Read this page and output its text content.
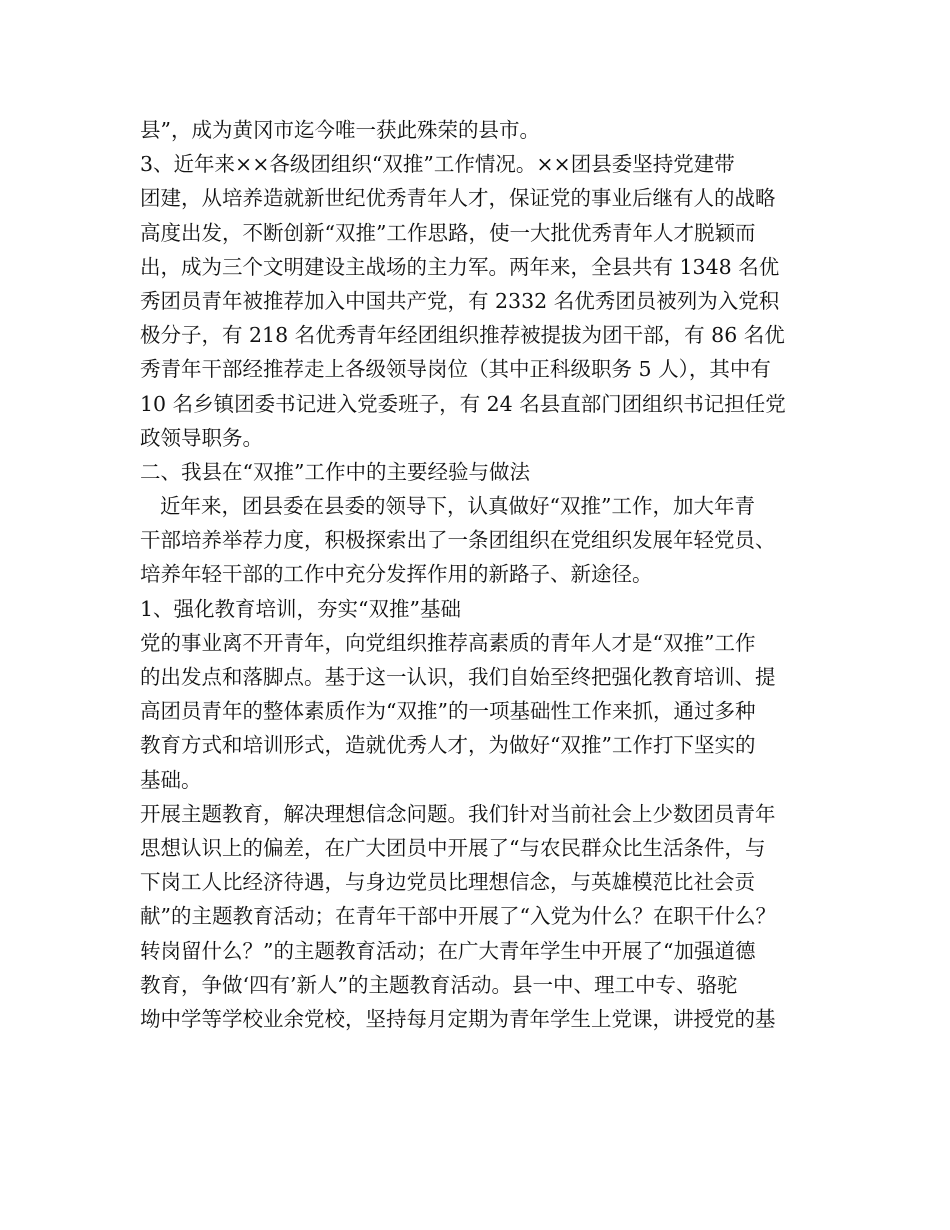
县”，成为黄冈市迄今唯一获此殊荣的县市。
3、近年来××各级团组织“双推”工作情况。××团县委坚持党建带
团建，从培养造就新世纪优秀青年人才，保证党的事业后继有人的战略
高度出发，不断创新“双推”工作思路，使一大批优秀青年人才脱颖而
出，成为三个文明建设主战场的主力军。两年来，全县共有 1348 名优
秀团员青年被推荐加入中国共产党，有 2332 名优秀团员被列为入党积
极分子，有 218 名优秀青年经团组织推荐被提拔为团干部，有 86 名优
秀青年干部经推荐走上各级领导岗位（其中正科级职务 5 人），其中有
10 名乡镇团委书记进入党委班子，有 24 名县直部门团组织书记担任党
政领导职务。
二、我县在“双推”工作中的主要经验与做法
近年来，团县委在县委的领导下，认真做好“双推”工作，加大年青
干部培养举荐力度，积极探索出了一条团组织在党组织发展年轻党员、
培养年轻干部的工作中充分发挥作用的新路子、新途径。
1、强化教育培训，夯实“双推”基础
党的事业离不开青年，向党组织推荐高素质的青年人才是“双推”工作
的出发点和落脚点。基于这一认识，我们自始至终把强化教育培训、提
高团员青年的整体素质作为“双推”的一项基础性工作来抓，通过多种
教育方式和培训形式，造就优秀人才，为做好“双推”工作打下坚实的
基础。
开展主题教育，解决理想信念问题。我们针对当前社会上少数团员青年
思想认识上的偏差，在广大团员中开展了“与农民群众比生活条件，与
下岗工人比经济待遇，与身边党员比理想信念，与英雄模范比社会贡
献”的主题教育活动；在青年干部中开展了“入党为什么？在职干什么？
转岗留什么？”的主题教育活动；在广大青年学生中开展了“加强道德
教育，争做‘四有’新人”的主题教育活动。县一中、理工中专、骆驼
坳中学等学校业余党校，坚持每月定期为青年学生上党课，讲授党的基
